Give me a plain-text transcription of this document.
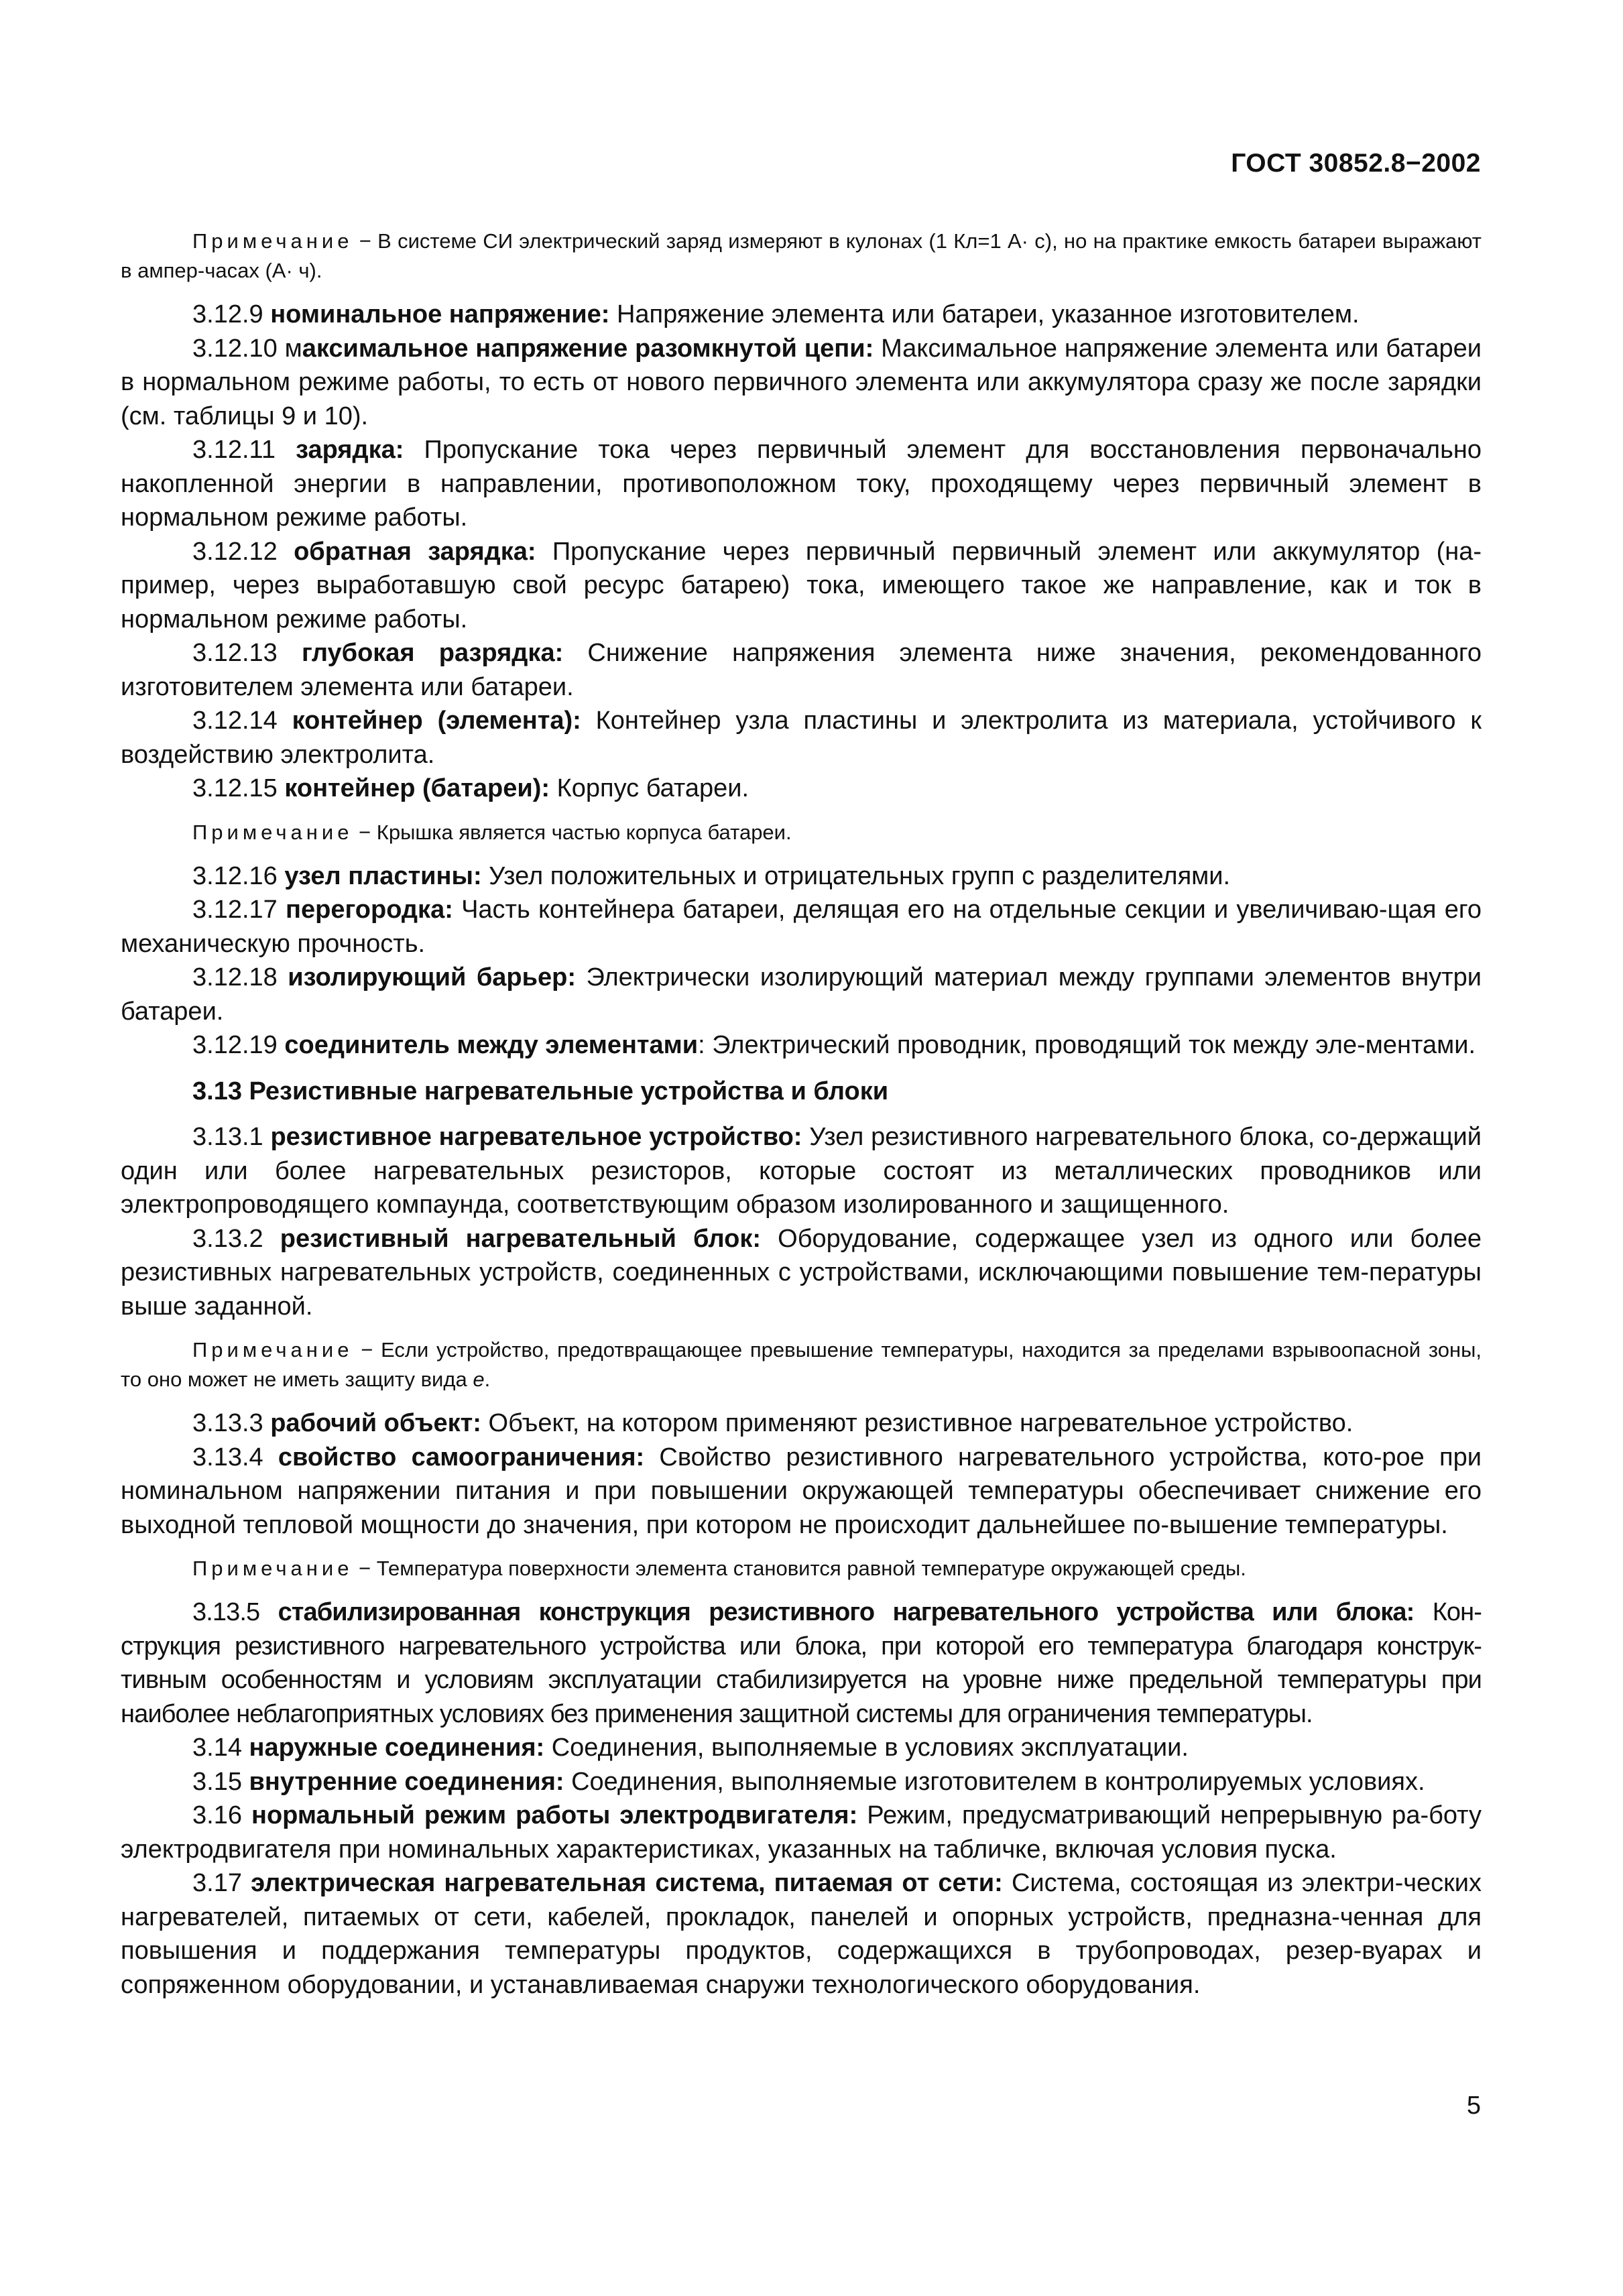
ГОСТ 30852.8−2002

Примечание − В системе СИ электрический заряд измеряют в кулонах (1 Кл=1 А· с), но на практике емкость батареи выражают в ампер-часах (А· ч).

3.12.9 номинальное напряжение: Напряжение элемента или батареи, указанное изготовителем.

3.12.10 максимальное напряжение разомкнутой цепи: Максимальное напряжение элемента или батареи в нормальном режиме работы, то есть от нового первичного элемента или аккумулятора сразу же после зарядки (см. таблицы 9 и 10).

3.12.11 зарядка: Пропускание тока через первичный элемент для восстановления первоначально накопленной энергии в направлении, противоположном току, проходящему через первичный элемент в нормальном режиме работы.

3.12.12 обратная зарядка: Пропускание через первичный первичный элемент или аккумулятор (на-пример, через выработавшую свой ресурс батарею) тока, имеющего такое же направление, как и ток в нормальном режиме работы.

3.12.13 глубокая разрядка: Снижение напряжения элемента ниже значения, рекомендованного изготовителем элемента или батареи.

3.12.14 контейнер (элемента): Контейнер узла пластины и электролита из материала, устойчивого к воздействию электролита.

3.12.15 контейнер (батареи): Корпус батареи.

Примечание − Крышка является частью корпуса батареи.

3.12.16 узел пластины: Узел положительных и отрицательных групп с разделителями.

3.12.17 перегородка: Часть контейнера батареи, делящая его на отдельные секции и увеличиваю-щая его механическую прочность.

3.12.18 изолирующий барьер: Электрически изолирующий материал между группами элементов внутри батареи.

3.12.19 соединитель между элементами: Электрический проводник, проводящий ток между эле-ментами.

3.13 Резистивные нагревательные устройства и блоки

3.13.1 резистивное нагревательное устройство: Узел резистивного нагревательного блока, со-держащий один или более нагревательных резисторов, которые состоят из металлических проводников или электропроводящего компаунда, соответствующим образом изолированного и защищенного.

3.13.2 резистивный нагревательный блок: Оборудование, содержащее узел из одного или более резистивных нагревательных устройств, соединенных с устройствами, исключающими повышение тем-пературы выше заданной.

Примечание − Если устройство, предотвращающее превышение температуры, находится за пределами взрывоопасной зоны, то оно может не иметь защиту вида e.

3.13.3 рабочий объект: Объект, на котором применяют резистивное нагревательное устройство.

3.13.4 свойство самоограничения: Свойство резистивного нагревательного устройства, кото-рое при номинальном напряжении питания и при повышении окружающей температуры обеспечивает снижение его выходной тепловой мощности до значения, при котором не происходит дальнейшее по-вышение температуры.

Примечание − Температура поверхности элемента становится равной температуре окружающей среды.

3.13.5 стабилизированная конструкция резистивного нагревательного устройства или блока: Кон-струкция резистивного нагревательного устройства или блока, при которой его температура благодаря конструк-тивным особенностям и условиям эксплуатации стабилизируется на уровне ниже предельной температуры при наиболее неблагоприятных условиях без применения защитной системы для ограничения температуры.

3.14 наружные соединения: Соединения, выполняемые в условиях эксплуатации.

3.15 внутренние соединения: Соединения, выполняемые изготовителем в контролируемых условиях.

3.16 нормальный режим работы электродвигателя: Режим, предусматривающий непрерывную ра-боту электродвигателя при номинальных характеристиках, указанных на табличке, включая условия пуска.

3.17 электрическая нагревательная система, питаемая от сети: Система, состоящая из электри-ческих нагревателей, питаемых от сети, кабелей, прокладок, панелей и опорных устройств, предназна-ченная для повышения и поддержания температуры продуктов, содержащихся в трубопроводах, резер-вуарах и сопряженном оборудовании, и устанавливаемая снаружи технологического оборудования.

5
